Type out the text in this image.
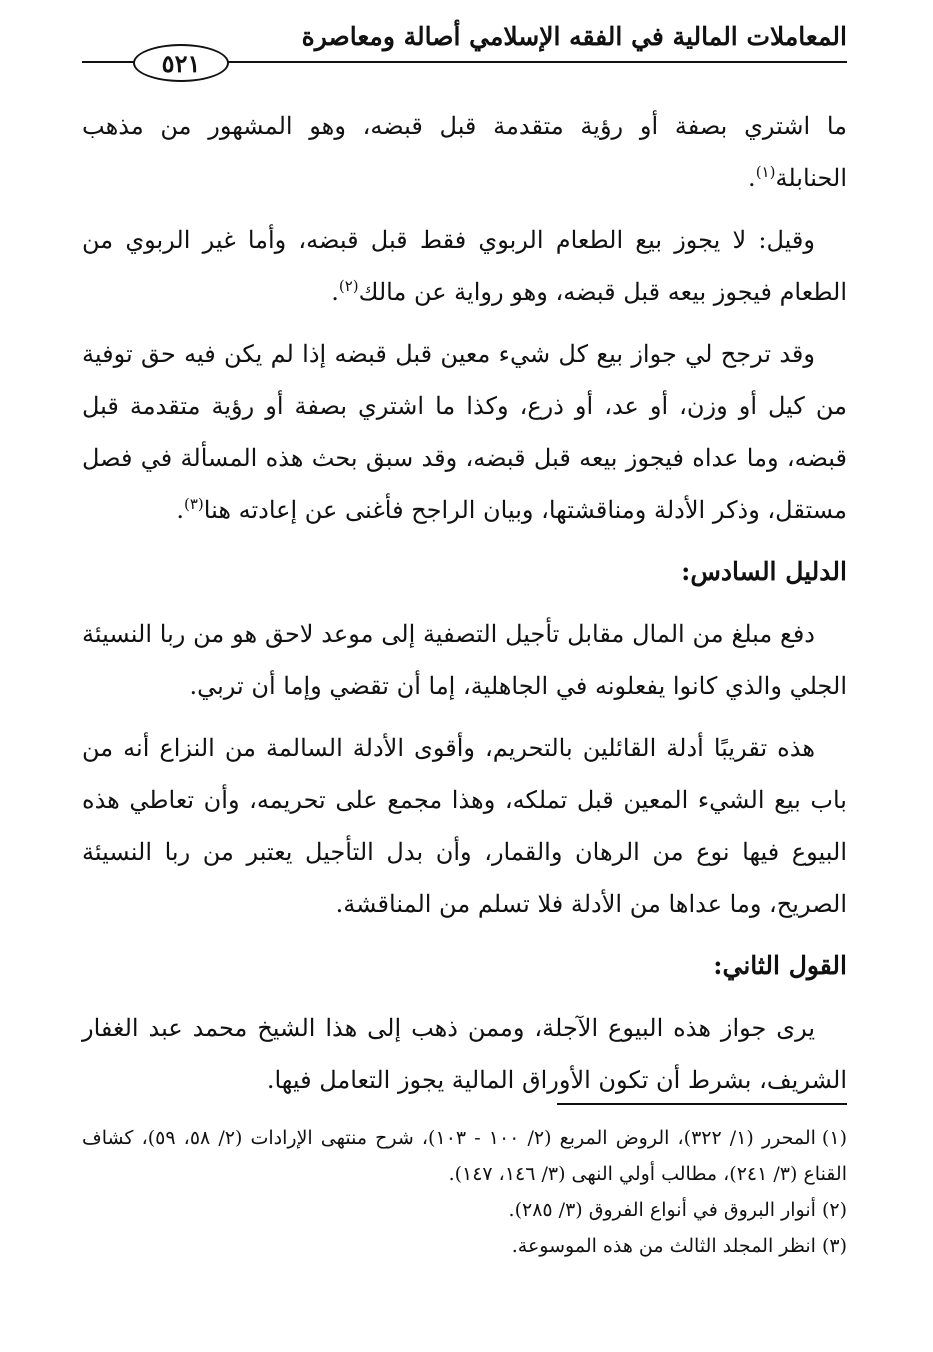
المعاملات المالية في الفقه الإسلامي أصالة ومعاصرة
٥٢١

ما اشتري بصفة أو رؤية متقدمة قبل قبضه، وهو المشهور من مذهب الحنابلة$^{(١)}$.

وقيل: لا يجوز بيع الطعام الربوي فقط قبل قبضه، وأما غير الربوي من الطعام فيجوز بيعه قبل قبضه، وهو رواية عن مالك$^{(٢)}$.

وقد ترجح لي جواز بيع كل شيء معين قبل قبضه إذا لم يكن فيه حق توفية من كيل أو وزن، أو عد، أو ذرع، وكذا ما اشتري بصفة أو رؤية متقدمة قبل قبضه، وما عداه فيجوز بيعه قبل قبضه، وقد سبق بحث هذه المسألة في فصل مستقل، وذكر الأدلة ومناقشتها، وبيان الراجح فأغنى عن إعادته هنا$^{(٣)}$.

الدليل السادس:

دفع مبلغ من المال مقابل تأجيل التصفية إلى موعد لاحق هو من ربا النسيئة الجلي والذي كانوا يفعلونه في الجاهلية، إما أن تقضي وإما أن تربي.

هذه تقريبًا أدلة القائلين بالتحريم، وأقوى الأدلة السالمة من النزاع أنه من باب بيع الشيء المعين قبل تملكه، وهذا مجمع على تحريمه، وأن تعاطي هذه البيوع فيها نوع من الرهان والقمار، وأن بدل التأجيل يعتبر من ربا النسيئة الصريح، وما عداها من الأدلة فلا تسلم من المناقشة.

القول الثاني:

يرى جواز هذه البيوع الآجلة، وممن ذهب إلى هذا الشيخ محمد عبد الغفار الشريف، بشرط أن تكون الأوراق المالية يجوز التعامل فيها.

(١)المحرر (١/ ٣٢٢)، الروض المربع (٢/ ١٠٠ - ١٠٣)، شرح منتهى الإرادات (٢/ ٥٨، ٥٩)، كشاف القناع (٣/ ٢٤١)، مطالب أولي النهى (٣/ ١٤٦، ١٤٧).

(٢)أنوار البروق في أنواع الفروق (٣/ ٢٨٥).

(٣)انظر المجلد الثالث من هذه الموسوعة.
